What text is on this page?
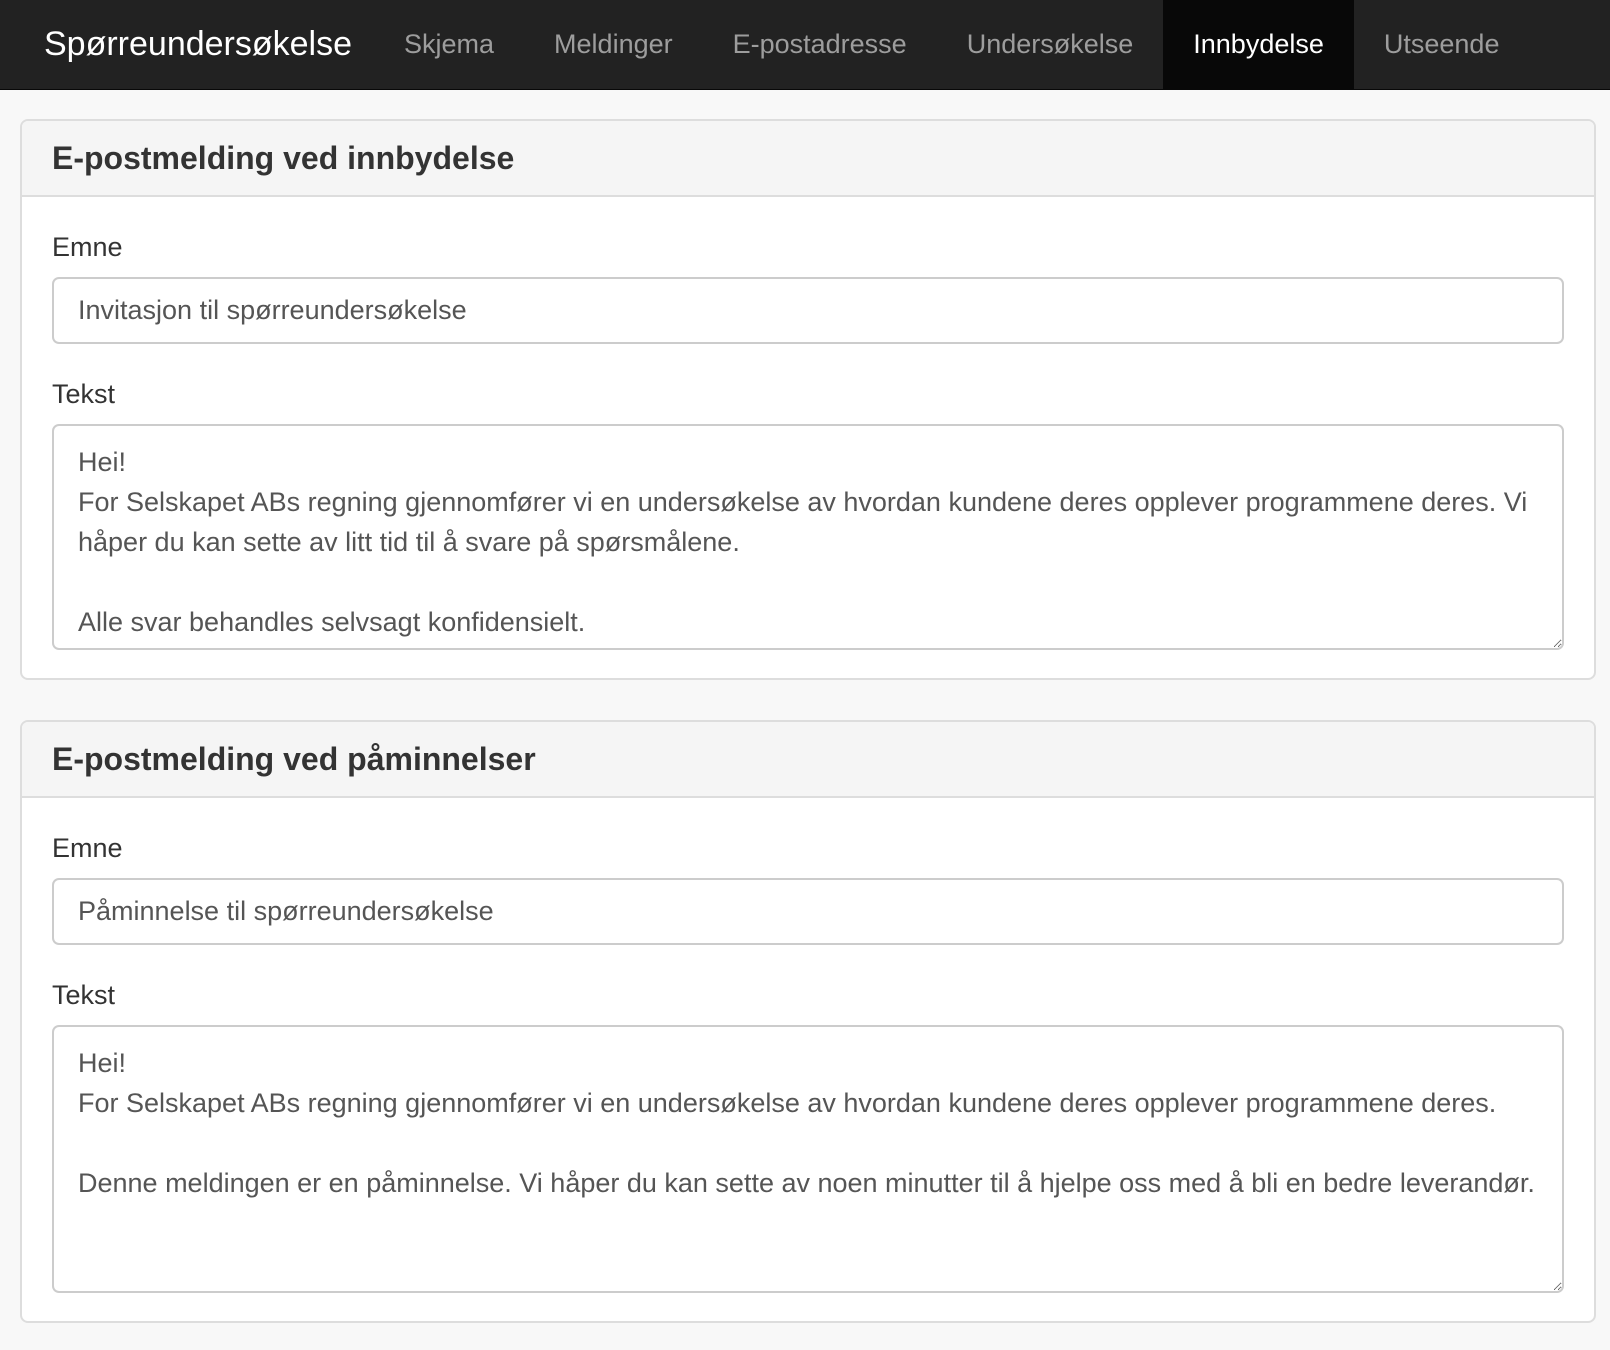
Spørreundersøkelse	Skjema	Meldinger	E-postadresse	Undersøkelse	Innbydelse	Utseende
E-postmelding ved innbydelse
Emne
Invitasjon til spørreundersøkelse
Tekst
Hei! For Selskapet ABs regning gjennomfører vi en undersøkelse av hvordan kundene deres opplever programmene deres. Vi håper du kan sette av litt tid til å svare på spørsmålene. Alle svar behandles selvsagt konfidensielt.
E-postmelding ved påminnelser
Emne
Påminnelse til spørreundersøkelse
Tekst
Hei! For Selskapet ABs regning gjennomfører vi en undersøkelse av hvordan kundene deres opplever programmene deres. Denne meldingen er en påminnelse. Vi håper du kan sette av noen minutter til å hjelpe oss med å bli en bedre leverandør.
